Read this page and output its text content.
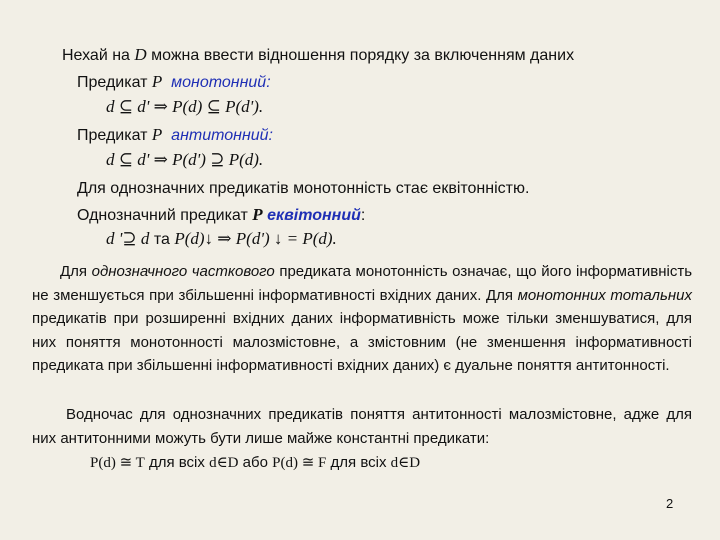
Нехай на D можна ввести відношення порядку за включенням даних
Предикат P монотонний:
d ⊆ d' ⇒ P(d) ⊆ P(d').
Предикат P антитонний:
d ⊆ d' ⇒ P(d') ⊇ P(d).
Для однозначних предикатів монотонність стає еквітонністю.
Однозначний предикат P еквітонний:
d '⊇ d та P(d)↓ ⇒ P(d') ↓ = P(d).

Для однозначного часткового предиката монотонність означає, що його інформативність не зменшується при збільшенні інформативності вхідних даних. Для монотонних тотальних предикатів при розширенні вхідних даних інформативність може тільки зменшуватися, для них поняття монотонності малозмістовне, а змістовним (не зменшення інформативності предиката при збільшенні інформативності вхідних даних) є дуальне поняття антитонності.

Водночас для однозначних предикатів поняття антитонності малозмістовне, адже для них антитонними можуть бути лише майже константні предикати:

P(d) ≅ T для всіх d∈D або P(d) ≅ F для всіх d∈D
2
